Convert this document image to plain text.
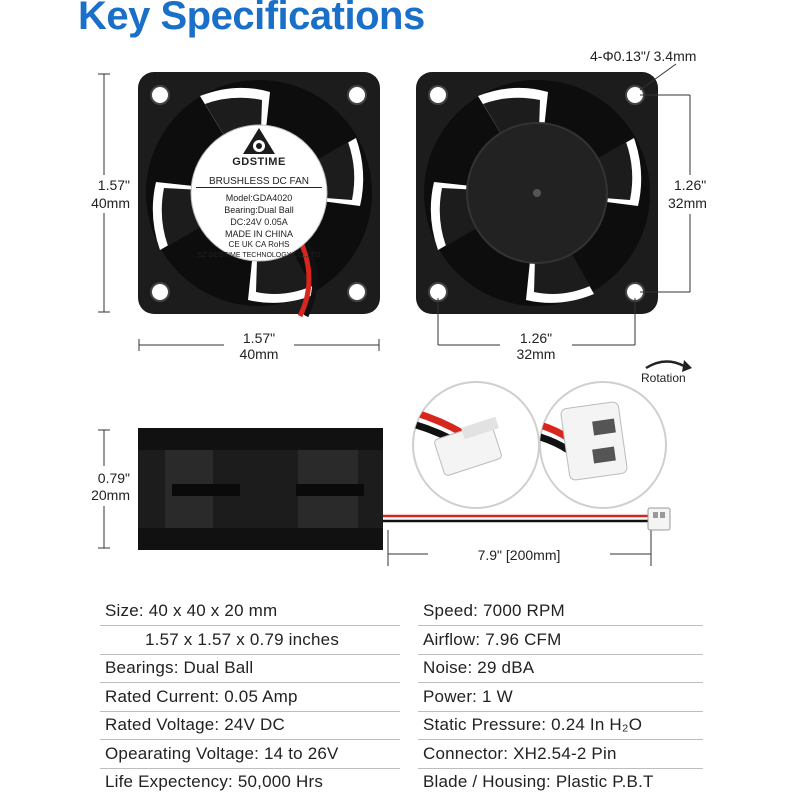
Key Specifications
GDSTIME
BRUSHLESS DC FAN
Model:GDA4020
Bearing:Dual Ball
DC:24V 0.05A
MADE IN CHINA
CE UK CA RoHS
SZ GDSTIME TECHNOLOGY CO.,LTD
4-Φ0.13"/ 3.4mm
1.57"
40mm
1.57"
40mm
1.26"
32mm
1.26"
32mm
Rotation
0.79"
20mm
7.9" [200mm]
Size: 40 x 40 x 20 mm
1.57 x 1.57 x 0.79 inches
Bearings: Dual Ball
Rated Current: 0.05 Amp
Rated Voltage: 24V DC
Opearating Voltage: 14 to 26V
Life Expectency: 50,000 Hrs
Speed: 7000 RPM
Airflow: 7.96 CFM
Noise: 29 dBA
Power: 1 W
Static Pressure: 0.24 In H₂O
Connector: XH2.54-2 Pin
Blade / Housing: Plastic P.B.T
